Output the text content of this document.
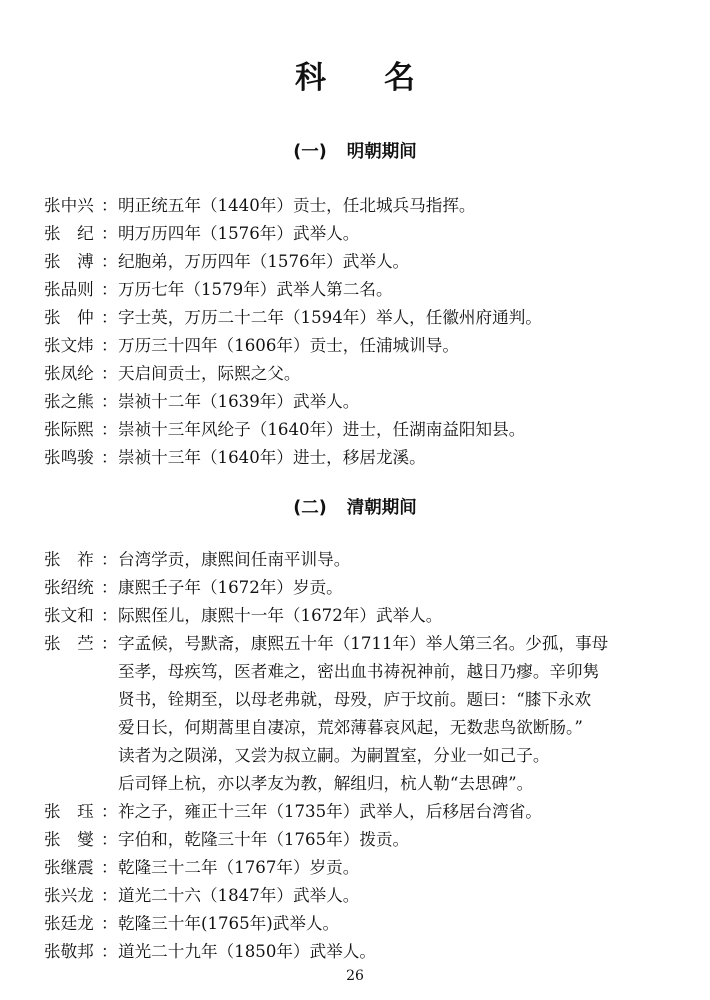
科名
(一) 明朝期间
张中兴 ： 明正统五年（1440年）贡士，任北城兵马指挥。
张　纪 ： 明万历四年（1576年）武举人。
张　溥 ： 纪胞弟，万历四年（1576年）武举人。
张品则 ： 万历七年（1579年）武举人第二名。
张　仲 ： 字士英，万历二十二年（1594年）举人，任徽州府通判。
张文炜 ： 万历三十四年（1606年）贡士，任浦城训导。
张凤纶 ： 天启间贡士，际熙之父。
张之熊 ： 崇祯十二年（1639年）武举人。
张际熙 ： 崇祯十三年风纶子（1640年）进士，任湖南益阳知县。
张鸣骏 ： 崇祯十三年（1640年）进士，移居龙溪。
(二) 清朝期间
张　祚 ： 台湾学贡，康熙间任南平训导。
张绍统 ： 康熙壬子年（1672年）岁贡。
张文和 ： 际熙侄儿，康熙十一年（1672年）武举人。
张　苎 ： 字孟候，号默斋，康熙五十年（1711年）举人第三名。少孤，事母
至孝，母疾笃，医者难之，密出血书祷祝神前，越日乃瘳。辛卯隽
贤书，铨期至，以母老弗就，母殁，庐于坟前。题曰：“膝下永欢
爱日长，何期蒿里自凄凉，荒郊薄暮哀风起，无数悲鸟欲断肠。”
读者为之陨涕，又尝为叔立嗣。为嗣置室，分业一如己子。
后司铎上杭，亦以孝友为教，解组归，杭人勒“去思碑”。
张　珏 ： 祚之子，雍正十三年（1735年）武举人，后移居台湾省。
张　燮 ： 字伯和，乾隆三十年（1765年）拨贡。
张继震 ： 乾隆三十二年（1767年）岁贡。
张兴龙 ： 道光二十六（1847年）武举人。
张廷龙 ： 乾隆三十年(1765年)武举人。
张敬邦 ： 道光二十九年（1850年）武举人。
26
